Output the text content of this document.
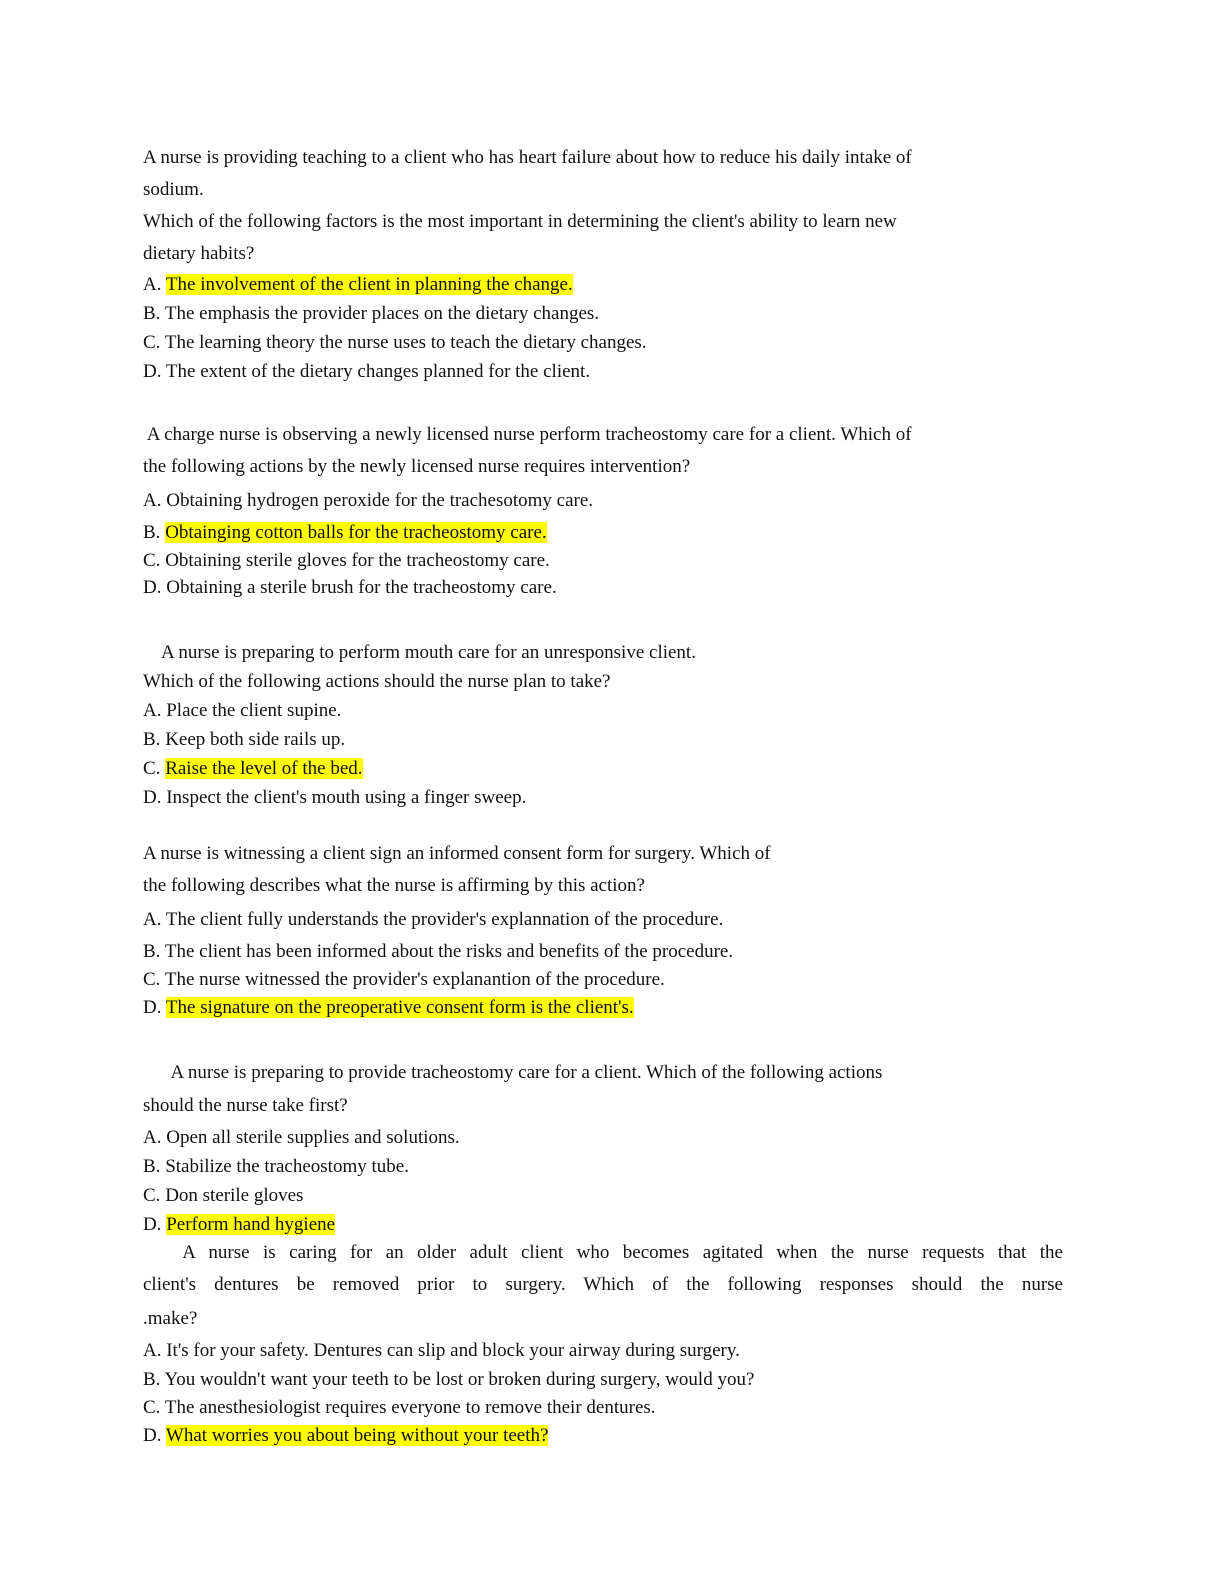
A nurse is providing teaching to a client who has heart failure about how to reduce his daily intake of
sodium.
Which of the following factors is the most important in determining the client's ability to learn new
dietary habits?
A. The involvement of the client in planning the change.
B. The emphasis the provider places on the dietary changes.
C. The learning theory the nurse uses to teach the dietary changes.
D. The extent of the dietary changes planned for the client.
A charge nurse is observing a newly licensed nurse perform tracheostomy care for a client. Which of
the following actions by the newly licensed nurse requires intervention?
A. Obtaining hydrogen peroxide for the trachesotomy care.
B. Obtainging cotton balls for the tracheostomy care.
C. Obtaining sterile gloves for the tracheostomy care.
D. Obtaining a sterile brush for the tracheostomy care.
A nurse is preparing to perform mouth care for an unresponsive client.
Which of the following actions should the nurse plan to take?
A. Place the client supine.
B. Keep both side rails up.
C. Raise the level of the bed.
D. Inspect the client's mouth using a finger sweep.
A nurse is witnessing a client sign an informed consent form for surgery. Which of
the following describes what the nurse is affirming by this action?
A. The client fully understands the provider's explannation of the procedure.
B. The client has been informed about the risks and benefits of the procedure.
C. The nurse witnessed the provider's explanantion of the procedure.
D. The signature on the preoperative consent form is the client's.
A nurse is preparing to provide tracheostomy care for a client. Which of the following actions
should the nurse take first?
A. Open all sterile supplies and solutions.
B. Stabilize the tracheostomy tube.
C. Don sterile gloves
D. Perform hand hygiene
A nurse is caring for an older adult client who becomes agitated when the nurse requests that the
client's dentures be removed prior to surgery. Which of the following responses should the nurse
.make?
A. It's for your safety. Dentures can slip and block your airway during surgery.
B. You wouldn't want your teeth to be lost or broken during surgery, would you?
C. The anesthesiologist requires everyone to remove their dentures.
D. What worries you about being without your teeth?
